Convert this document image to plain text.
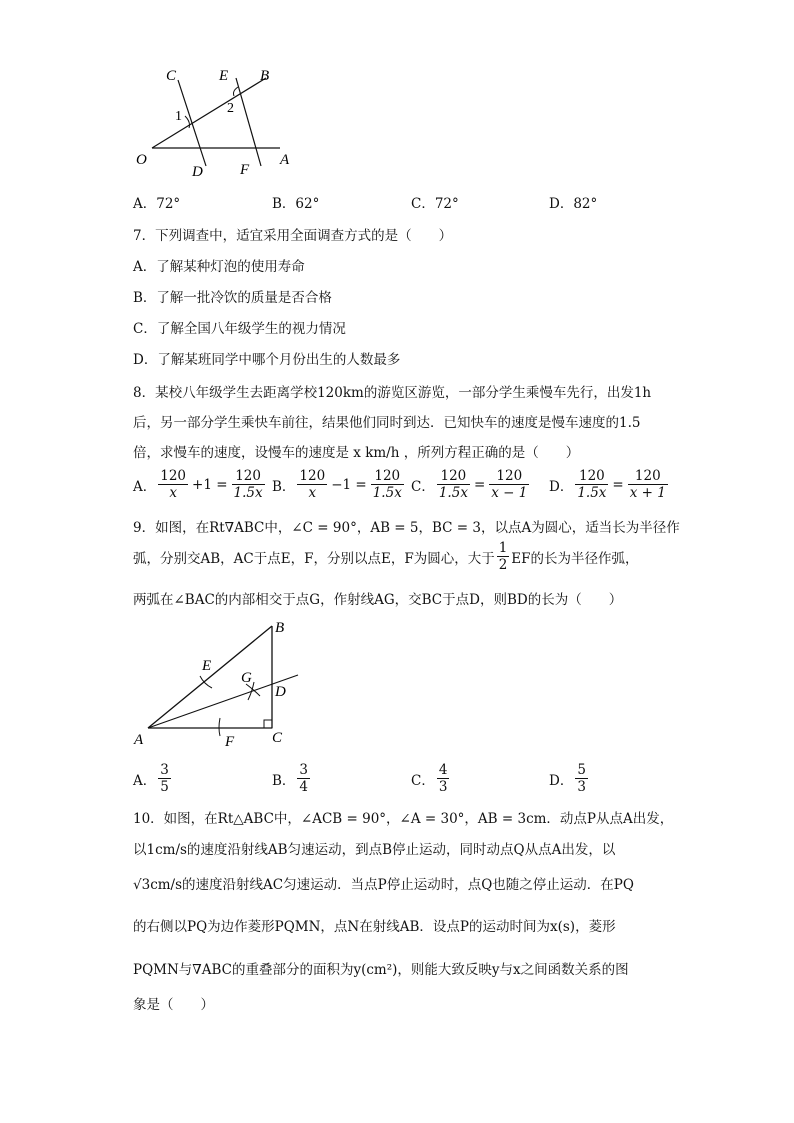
C	E B
1
2
O
D F
A
A．72°	B．62°	C．72°	D．82°
7．下列调查中，适宜采用全面调查方式的是（　　）
A．了解某种灯泡的使用寿命
B．了解一批冷饮的质量是否合格
C．了解全国八年级学生的视力情况
D．了解某班同学中哪个月份出生的人数最多
8．某校八年级学生去距离学校120km的游览区游览，一部分学生乘慢车先行，出发1h
后，另一部分学生乘快车前往，结果他们同时到达．已知快车的速度是慢车速度的1.5
倍，求慢车的速度，设慢车的速度是 x km/h ，所列方程正确的是（　　）
A． $\frac{120}{x} +1 = \frac{120}{1.5x}$ B． $\frac{120}{x} -1 = \frac{120}{1.5x}$ C． $\frac{120}{1.5x} = \frac{120}{x - 1}$ D． $\frac{120}{1.5x} = \frac{120}{x + 1}$
9．如图，在Rt∇ABC中，∠C = 90°，AB = 5，BC = 3，以点A为圆心，适当长为半径作
弧，分别交AB，AC于点E，F，分别以点E，F为圆心，大于 $\frac{1}{2}$ EF的长为半径作弧，
两弧在∠BAC的内部相交于点G，作射线AG，交BC于点D，则BD的长为（　　）
B
E
G
D
A	F	C
A． $\frac{3}{5}$	B． $\frac{3}{4}$	C． $\frac{4}{3}$	D． $\frac{5}{3}$
10．如图，在Rt△ABC中，∠ACB = 90°，∠A = 30°，AB = 3cm．动点P从点A出发，
以1cm/s的速度沿射线AB匀速运动，到点B停止运动，同时动点Q从点A出发，以
√3cm/s的速度沿射线AC匀速运动．当点P停止运动时，点Q也随之停止运动．在PQ
的右侧以PQ为边作菱形PQMN，点N在射线AB．设点P的运动时间为x(s)，菱形
PQMN与∇ABC的重叠部分的面积为y(cm²)，则能大致反映y与x之间函数关系的图
象是（　　）
